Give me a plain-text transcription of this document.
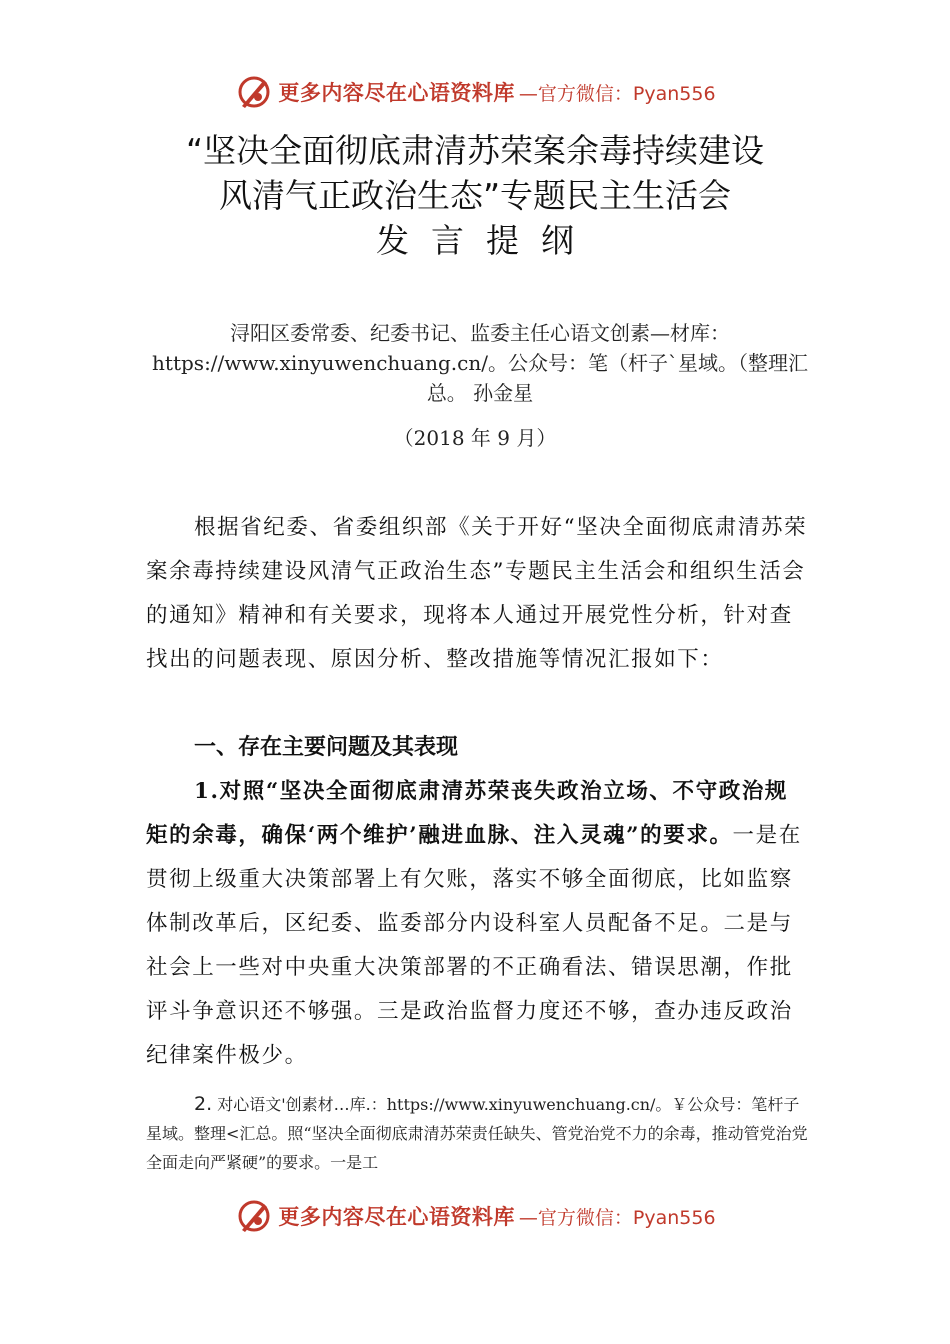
更多内容尽在心语资料库 —官方微信：Pyan556
“坚决全面彻底肃清苏荣案余毒持续建设
风清气正政治生态”专题民主生活会
发言提纲
浔阳区委常委、纪委书记、监委主任心语文创素—材库：https://www.xinyuwenchuang.cn/。公众号：笔（杆子`星域。（整理汇总。 孙金星
（2018 年 9 月）
根据省纪委、省委组织部《关于开好“坚决全面彻底肃清苏荣案余毒持续建设风清气正政治生态”专题民主生活会和组织生活会的通知》精神和有关要求，现将本人通过开展党性分析，针对查找出的问题表现、原因分析、整改措施等情况汇报如下：
一、存在主要问题及其表现
1.对照“坚决全面彻底肃清苏荣丧失政治立场、不守政治规矩的余毒，确保‘两个维护’融进血脉、注入灵魂”的要求。一是在贯彻上级重大决策部署上有欠账，落实不够全面彻底，比如监察体制改革后，区纪委、监委部分内设科室人员配备不足。二是与社会上一些对中央重大决策部署的不正确看法、错误思潮，作批评斗争意识还不够强。三是政治监督力度还不够，查办违反政治纪律案件极少。
2. 对心语文'创素材…库.：https://www.xinyuwenchuang.cn/。￥公众号：笔杆子星域。整理<汇总。照“坚决全面彻底肃清苏荣责任缺失、管党治党不力的余毒，推动管党治党全面走向严紧硬”的要求。一是工
更多内容尽在心语资料库 —官方微信：Pyan556
